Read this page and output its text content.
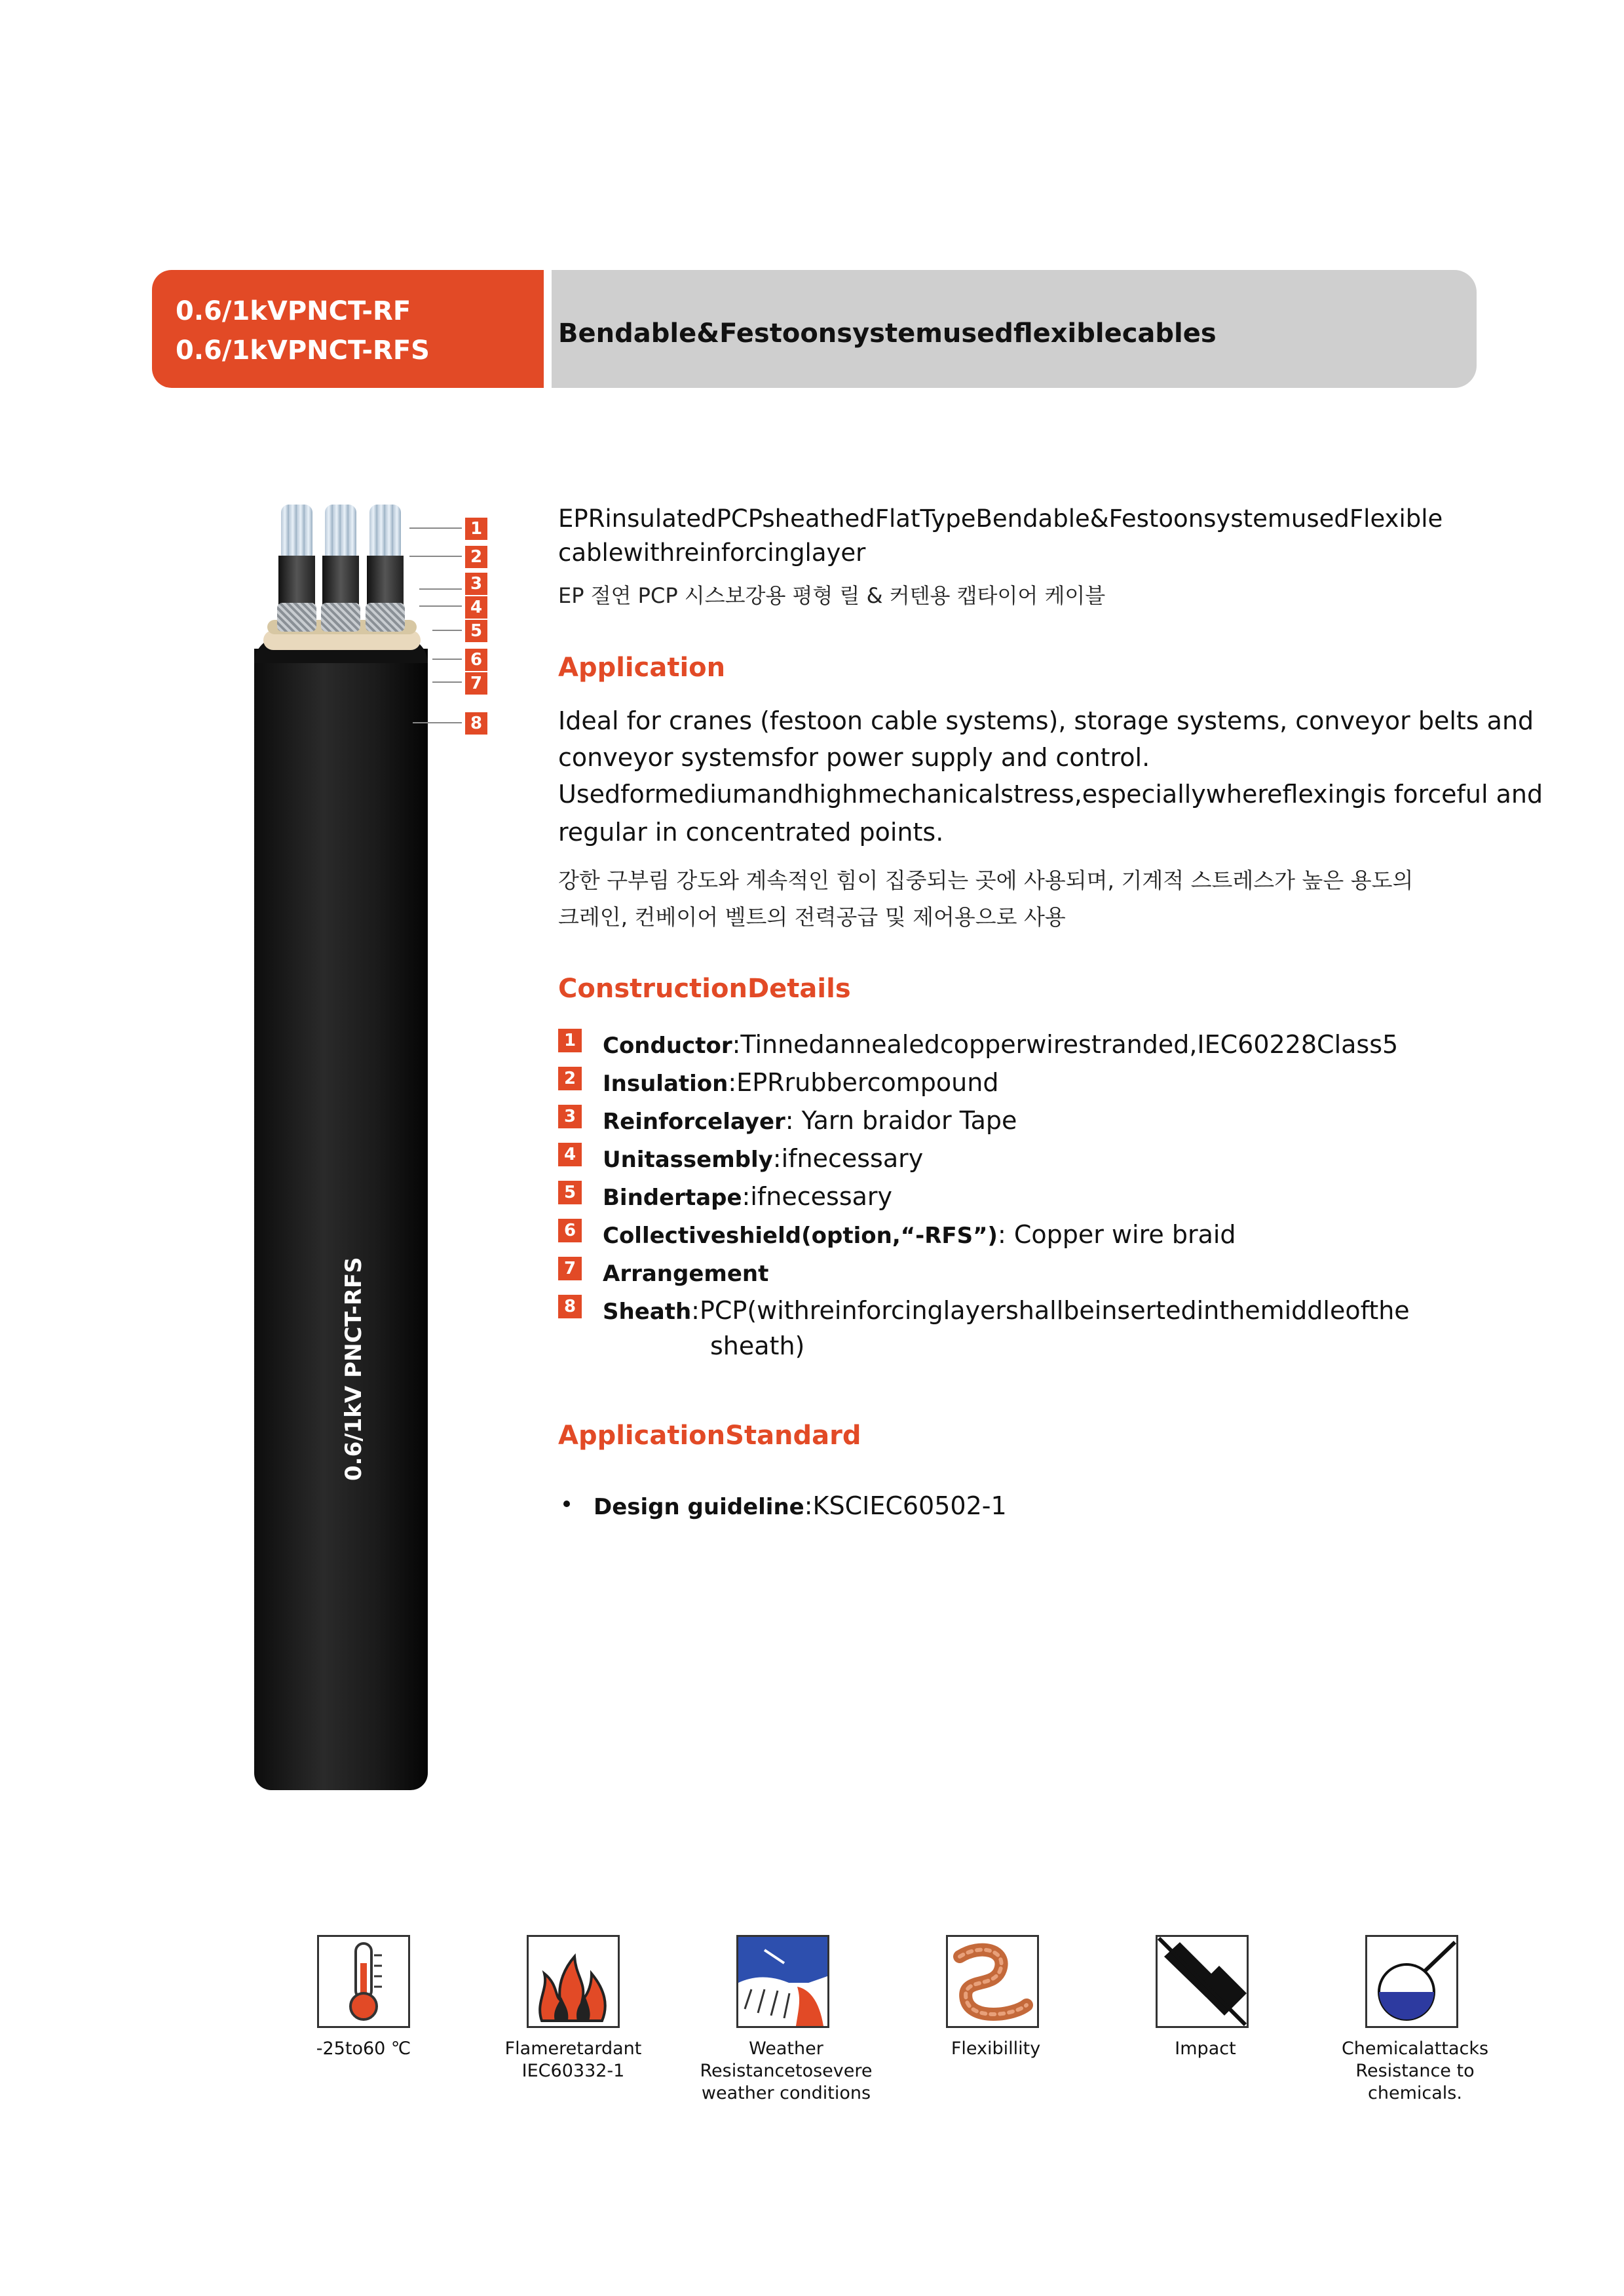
0.6/1kVPNCT-RF
0.6/1kVPNCT-RFS
Bendable&Festoonsystemusedflexiblecables
0.6/1kV PNCT-RFS
1
2
3
4
5
6
7
8
EPRinsulatedPCPsheathedFlatTypeBendable&FestoonsystemusedFlexible
cablewithreinforcinglayer
EP 절연 PCP 시스보강용 평형 릴 & 커텐용 캡타이어 케이블
Application
Ideal for cranes (festoon cable systems), storage systems, conveyor belts and
conveyor systemsfor power supply and control.
Usedformediumandhighmechanicalstress,especiallywhereflexingis forceful and
regular in concentrated points.
강한 구부림 강도와 계속적인 힘이 집중되는 곳에 사용되며, 기계적 스트레스가 높은 용도의
크레인, 컨베이어 벨트의 전력공급 및 제어용으로 사용
ConstructionDetails
1 Conductor:Tinnedannealedcopperwirestranded,IEC60228Class5
2 Insulation:EPRrubbercompound
3 Reinforcelayer: Yarn braidor Tape
4 Unitassembly:ifnecessary
5 Bindertape:ifnecessary
6 Collectiveshield(option,“-RFS”): Copper wire braid
7 Arrangement
8 Sheath:PCP(withreinforcinglayershallbeinsertedinthemiddleofthe
sheath)
ApplicationStandard
Design guideline:KSCIEC60502-1
-25to60 ℃	Flameretardant
IEC60332-1
Weather
Resistancetosevere
weather conditions
Flexibillity	Impact	Chemicalattacks
Resistance to
chemicals.
